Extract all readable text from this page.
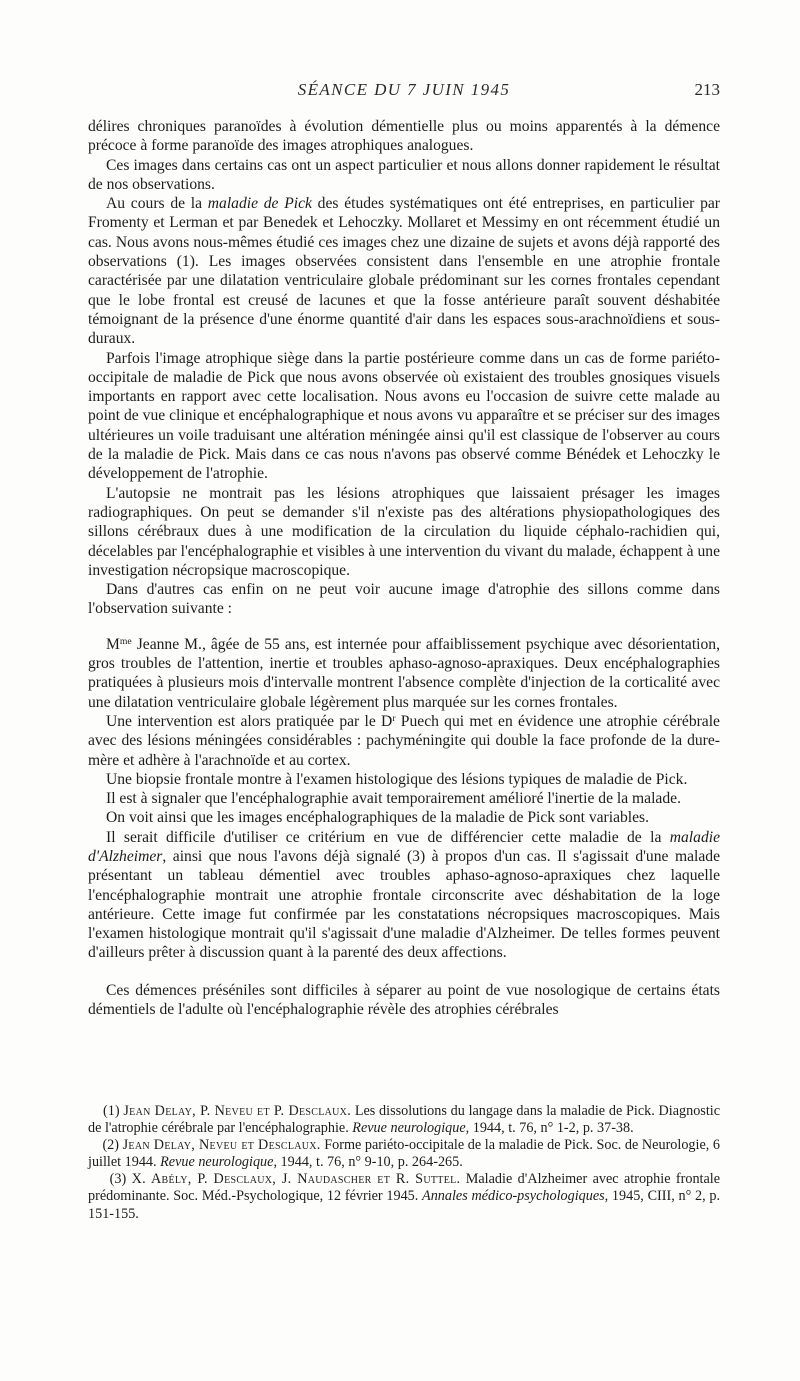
SÉANCE DU 7 JUIN 1945	213

délires chroniques paranoïdes à évolution démentielle plus ou moins apparentés à la démence précoce à forme paranoïde des images atrophiques analogues.

Ces images dans certains cas ont un aspect particulier et nous allons donner rapidement le résultat de nos observations.

Au cours de la maladie de Pick des études systématiques ont été entreprises, en particulier par Fromenty et Lerman et par Benedek et Lehoczky. Mollaret et Messimy en ont récemment étudié un cas. Nous avons nous-mêmes étudié ces images chez une dizaine de sujets et avons déjà rapporté des observations (1). Les images observées consistent dans l'ensemble en une atrophie frontale caractérisée par une dilatation ventriculaire globale prédominant sur les cornes frontales cependant que le lobe frontal est creusé de lacunes et que la fosse antérieure paraît souvent déshabitée témoignant de la présence d'une énorme quantité d'air dans les espaces sous-arachnoïdiens et sous-duraux.

Parfois l'image atrophique siège dans la partie postérieure comme dans un cas de forme pariéto-occipitale de maladie de Pick que nous avons observée où existaient des troubles gnosiques visuels importants en rapport avec cette localisation. Nous avons eu l'occasion de suivre cette malade au point de vue clinique et encéphalographique et nous avons vu apparaître et se préciser sur des images ultérieures un voile traduisant une altération méningée ainsi qu'il est classique de l'observer au cours de la maladie de Pick. Mais dans ce cas nous n'avons pas observé comme Bénédek et Lehoczky le développement de l'atrophie.

L'autopsie ne montrait pas les lésions atrophiques que laissaient présager les images radiographiques. On peut se demander s'il n'existe pas des altérations physiopathologiques des sillons cérébraux dues à une modification de la circulation du liquide céphalo-rachidien qui, décelables par l'encéphalographie et visibles à une intervention du vivant du malade, échappent à une investigation nécropsique macroscopique.

Dans d'autres cas enfin on ne peut voir aucune image d'atrophie des sillons comme dans l'observation suivante :

$M^{me}$ Jeanne M., âgée de 55 ans, est internée pour affaiblissement psychique avec désorientation, gros troubles de l'attention, inertie et troubles aphaso-agnoso-apraxiques. Deux encéphalographies pratiquées à plusieurs mois d'intervalle montrent l'absence complète d'injection de la corticalité avec une dilatation ventriculaire globale légèrement plus marquée sur les cornes frontales.

Une intervention est alors pratiquée par le $D^r$ Puech qui met en évidence une atrophie cérébrale avec des lésions méningées considérables : pachyméningite qui double la face profonde de la dure-mère et adhère à l'arachnoïde et au cortex.

Une biopsie frontale montre à l'examen histologique des lésions typiques de maladie de Pick.

Il est à signaler que l'encéphalographie avait temporairement amélioré l'inertie de la malade.

On voit ainsi que les images encéphalographiques de la maladie de Pick sont variables.

Il serait difficile d'utiliser ce critérium en vue de différencier cette maladie de la maladie d'Alzheimer, ainsi que nous l'avons déjà signalé (3) à propos d'un cas. Il s'agissait d'une malade présentant un tableau démentiel avec troubles aphaso-agnoso-apraxiques chez laquelle l'encéphalographie montrait une atrophie frontale circonscrite avec déshabitation de la loge antérieure. Cette image fut confirmée par les constatations nécropsiques macroscopiques. Mais l'examen histologique montrait qu'il s'agissait d'une maladie d'Alzheimer. De telles formes peuvent d'ailleurs prêter à discussion quant à la parenté des deux affections.

Ces démences préséniles sont difficiles à séparer au point de vue nosologique de certains états démentiels de l'adulte où l'encéphalographie révèle des atrophies cérébrales

(1) Jean Delay, P. Neveu et P. Desclaux. Les dissolutions du langage dans la maladie de Pick. Diagnostic de l'atrophie cérébrale par l'encéphalographie. Revue neurologique, 1944, t. 76, n° 1-2, p. 37-38.

(2) Jean Delay, Neveu et Desclaux. Forme pariéto-occipitale de la maladie de Pick. Soc. de Neurologie, 6 juillet 1944. Revue neurologique, 1944, t. 76, n° 9-10, p. 264-265.

(3) X. Abély, P. Desclaux, J. Naudascher et R. Suttel. Maladie d'Alzheimer avec atrophie frontale prédominante. Soc. Méd.-Psychologique, 12 février 1945. Annales médico-psychologiques, 1945, CIII, n° 2, p. 151-155.
